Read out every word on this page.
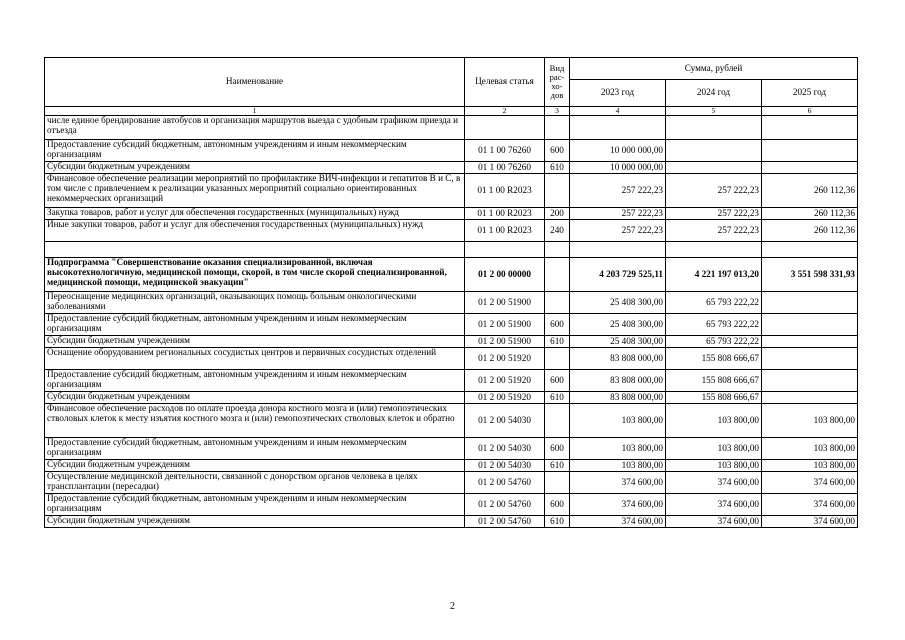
Наименование	Целевая статья	Вид рас-хо-дов	Сумма, рублей		
			2023 год	2024 год	2025 год
1	2	3	4	5	6
числе единое брендирование автобусов и организация маршрутов выезда с удобным графиком приезда и отъезда					
Предоставление субсидий бюджетным, автономным учреждениям и иным некоммерческим организациям	01 1 00 76260	600	10 000 000,00		
Субсидии бюджетным учреждениям	01 1 00 76260	610	10 000 000,00		
Финансовое обеспечение реализации мероприятий по профилактике ВИЧ-инфекции и гепатитов В и С, в том числе с привлечением к реализации указанных мероприятий социально ориентированных некоммерческих организаций	01 1 00 R2023		257 222,23	257 222,23	260 112,36
Закупка товаров, работ и услуг для обеспечения государственных (муниципальных) нужд	01 1 00 R2023	200	257 222,23	257 222,23	260 112,36
Иные закупки товаров, работ и услуг для обеспечения государственных (муниципальных) нужд	01 1 00 R2023	240	257 222,23	257 222,23	260 112,36

Подпрограмма "Совершенствование оказания специализированной, включая высокотехнологичную, медицинской помощи, скорой, в том числе скорой специализированной, медицинской помощи, медицинской эвакуации"	01 2 00 00000		4 203 729 525,11	4 221 197 013,20	3 551 598 331,93
Переоснащение медицинских организаций, оказывающих помощь больным онкологическими заболеваниями	01 2 00 51900		25 408 300,00	65 793 222,22	
Предоставление субсидий бюджетным, автономным учреждениям и иным некоммерческим организациям	01 2 00 51900	600	25 408 300,00	65 793 222,22	
Субсидии бюджетным учреждениям	01 2 00 51900	610	25 408 300,00	65 793 222,22	
Оснащение оборудованием региональных сосудистых центров и первичных сосудистых отделений	01 2 00 51920		83 808 000,00	155 808 666,67	
Предоставление субсидий бюджетным, автономным учреждениям и иным некоммерческим организациям	01 2 00 51920	600	83 808 000,00	155 808 666,67	
Субсидии бюджетным учреждениям	01 2 00 51920	610	83 808 000,00	155 808 666,67	
Финансовое обеспечение расходов по оплате проезда донора костного мозга и (или) гемопоэтических стволовых клеток к месту изъятия костного мозга и (или) гемопоэтических стволовых клеток и обратно	01 2 00 54030		103 800,00	103 800,00	103 800,00
Предоставление субсидий бюджетным, автономным учреждениям и иным некоммерческим организациям	01 2 00 54030	600	103 800,00	103 800,00	103 800,00
Субсидии бюджетным учреждениям	01 2 00 54030	610	103 800,00	103 800,00	103 800,00
Осуществление медицинской деятельности, связанной с донорством органов человека в целях трансплантации (пересадки)	01 2 00 54760		374 600,00	374 600,00	374 600,00
Предоставление субсидий бюджетным, автономным учреждениям и иным некоммерческим организациям	01 2 00 54760	600	374 600,00	374 600,00	374 600,00
Субсидии бюджетным учреждениям	01 2 00 54760	610	374 600,00	374 600,00	374 600,00
2
